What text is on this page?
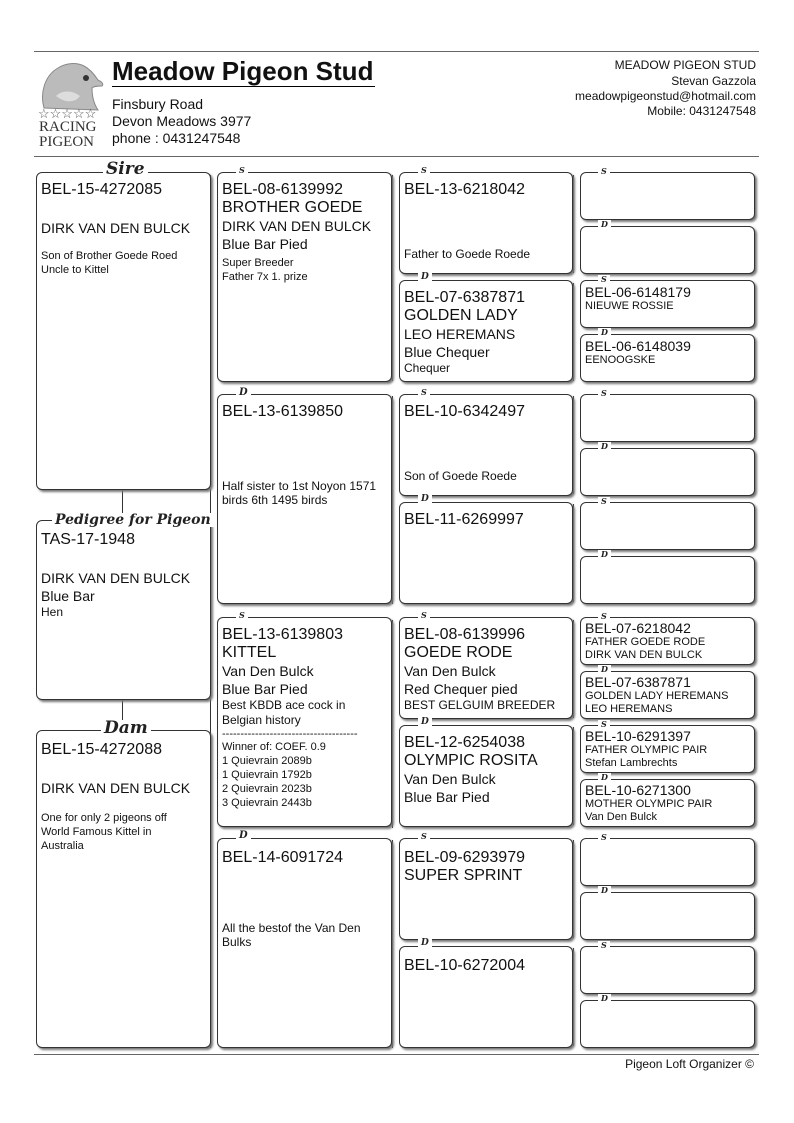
☆☆☆☆☆
RACING
PIGEON
Meadow Pigeon Stud
Finsbury Road
Devon Meadows 3977
phone : 0431247548
MEADOW PIGEON STUD
Stevan Gazzola
meadowpigeonstud@hotmail.com
Mobile: 0431247548
BEL-15-4272085
DIRK VAN DEN BULCK
Son of Brother Goede Roed
Uncle to Kittel
Sire
TAS-17-1948
DIRK VAN DEN BULCK
Blue Bar
Hen
Pedigree for Pigeon
BEL-15-4272088
DIRK VAN DEN BULCK
One for only 2 pigeons off
World Famous Kittel in
Australia
Dam
BEL-08-6139992
BROTHER GOEDE
DIRK VAN DEN BULCK
Blue Bar Pied
Super Breeder
Father 7x 1. prize
S
BEL-13-6139850
Half sister to 1st Noyon 1571
birds 6th 1495 birds
D
BEL-13-6139803
KITTEL
Van Den Bulck
Blue Bar Pied
Best KBDB ace cock in
Belgian history
-------------------------------------
Winner of: COEF. 0.9
1 Quievrain 2089b
1 Quievrain 1792b
2 Quievrain 2023b
3 Quievrain 2443b
S
BEL-14-6091724
All the bestof the Van Den
Bulks
D
BEL-13-6218042
Father to Goede Roede
S
BEL-07-6387871
GOLDEN LADY
LEO HEREMANS
Blue Chequer
Chequer
D
BEL-10-6342497
Son of Goede Roede
S
BEL-11-6269997
D
BEL-08-6139996
GOEDE RODE
Van Den Bulck
Red Chequer pied
BEST GELGUIM BREEDER
S
BEL-12-6254038
OLYMPIC ROSITA
Van Den Bulck
Blue Bar Pied
D
BEL-09-6293979
SUPER SPRINT
S
BEL-10-6272004
D
S
D
BEL-06-6148179
NIEUWE ROSSIE
S
BEL-06-6148039
EENOOGSKE
D
S
D
S
D
BEL-07-6218042
FATHER GOEDE RODE
DIRK VAN DEN BULCK
S
BEL-07-6387871
GOLDEN LADY HEREMANS
LEO HEREMANS
D
BEL-10-6291397
FATHER OLYMPIC PAIR
Stefan Lambrechts
S
BEL-10-6271300
MOTHER OLYMPIC PAIR
Van Den Bulck
D
S
D
S
D
Pigeon Loft Organizer ©
